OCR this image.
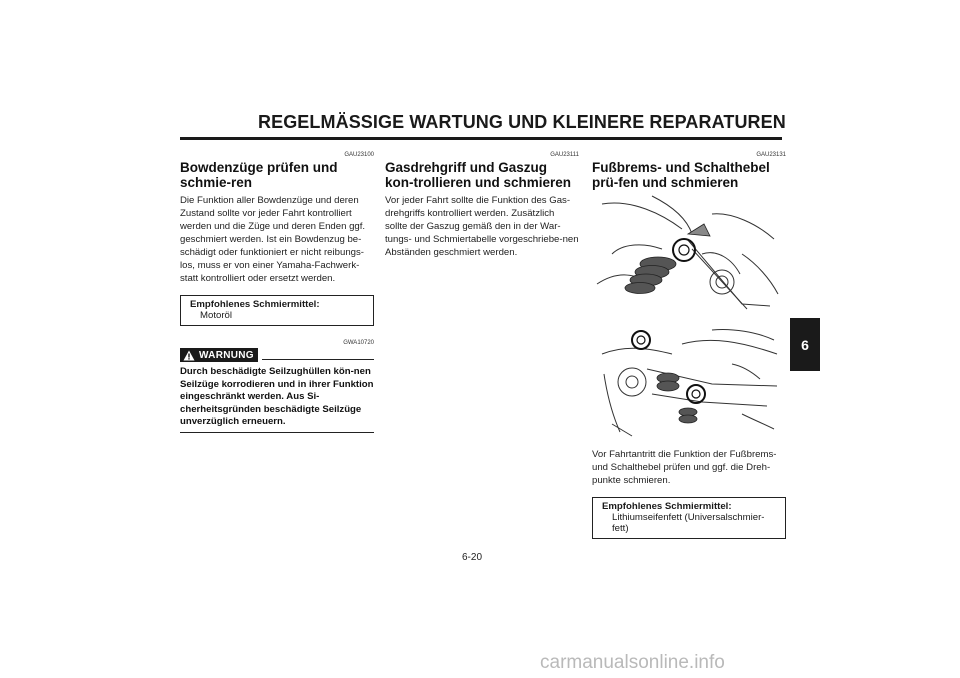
REGELMÄSSIGE WARTUNG UND KLEINERE REPARATUREN
GAU23100
Bowdenzüge prüfen und schmie-ren

Die Funktion aller Bowdenzüge und deren Zustand sollte vor jeder Fahrt kontrolliert werden und die Züge und deren Enden ggf. geschmiert werden. Ist ein Bowdenzug be-schädigt oder funktioniert er nicht reibungs-los, muss er von einer Yamaha-Fachwerk-statt kontrolliert oder ersetzt werden.

Empfohlenes Schmiermittel:
Motoröl
GWA10720
WARNUNG
Durch beschädigte Seilzughüllen kön-nen Seilzüge korrodieren und in ihrer Funktion eingeschränkt werden. Aus Si-cherheitsgründen beschädigte Seilzüge unverzüglich erneuern.
GAU23111
Gasdrehgriff und Gaszug kon-trollieren und schmieren

Vor jeder Fahrt sollte die Funktion des Gas-drehgriffs kontrolliert werden. Zusätzlich sollte der Gaszug gemäß den in der War-tungs- und Schmiertabelle vorgeschriebe-nen Abständen geschmiert werden.

GAU23131
Fußbrems- und Schalthebel prü-fen und schmieren

Vor Fahrtantritt die Funktion der Fußbrems- und Schalthebel prüfen und ggf. die Dreh-punkte schmieren.

Empfohlenes Schmiermittel:
Lithiumseifenfett (Universalschmier-fett)
6
6-20
carmanualsonline.info
